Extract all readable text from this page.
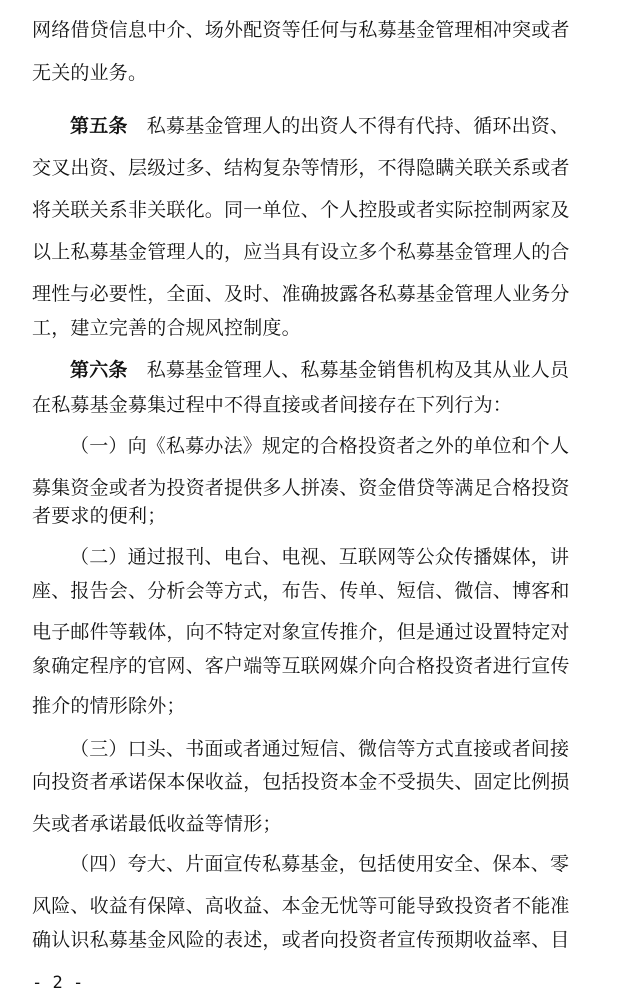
网络借贷信息中介、场外配资等任何与私募基金管理相冲突或者
无关的业务。
第五条　私募基金管理人的出资人不得有代持、循环出资、
交叉出资、层级过多、结构复杂等情形，不得隐瞒关联关系或者
将关联关系非关联化。同一单位、个人控股或者实际控制两家及
以上私募基金管理人的，应当具有设立多个私募基金管理人的合
理性与必要性，全面、及时、准确披露各私募基金管理人业务分
工，建立完善的合规风控制度。
第六条　私募基金管理人、私募基金销售机构及其从业人员
在私募基金募集过程中不得直接或者间接存在下列行为：
（一）向《私募办法》规定的合格投资者之外的单位和个人
募集资金或者为投资者提供多人拼凑、资金借贷等满足合格投资
者要求的便利；
（二）通过报刊、电台、电视、互联网等公众传播媒体，讲
座、报告会、分析会等方式，布告、传单、短信、微信、博客和
电子邮件等载体，向不特定对象宣传推介，但是通过设置特定对
象确定程序的官网、客户端等互联网媒介向合格投资者进行宣传
推介的情形除外；
（三）口头、书面或者通过短信、微信等方式直接或者间接
向投资者承诺保本保收益，包括投资本金不受损失、固定比例损
失或者承诺最低收益等情形；
（四）夸大、片面宣传私募基金，包括使用安全、保本、零
风险、收益有保障、高收益、本金无忧等可能导致投资者不能准
确认识私募基金风险的表述，或者向投资者宣传预期收益率、目
- 2 -
